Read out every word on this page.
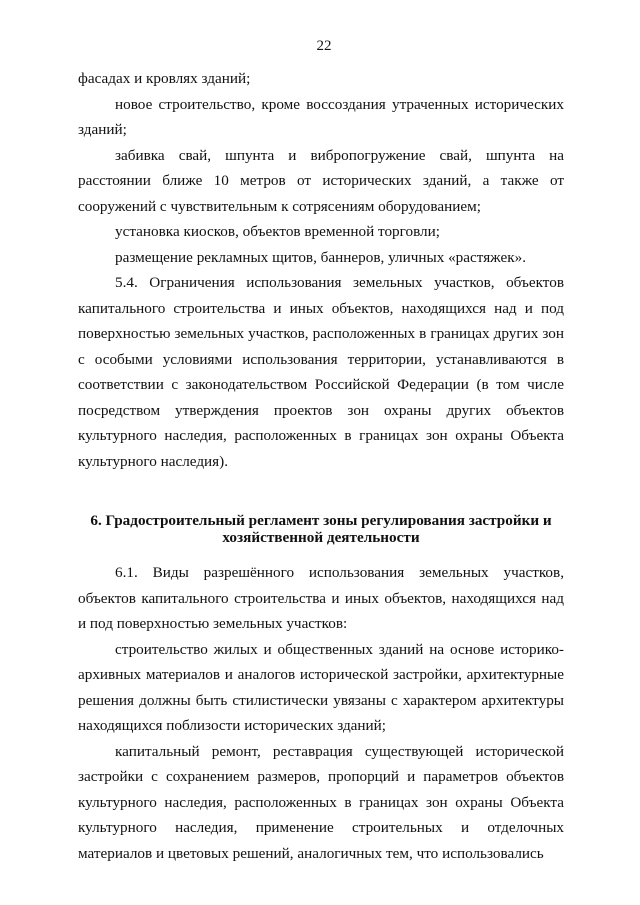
22

фасадах и кровлях зданий;

новое строительство, кроме воссоздания утраченных исторических зданий;

забивка свай, шпунта и вибропогружение свай, шпунта на расстоянии ближе 10 метров от исторических зданий, а также от сооружений с чувствительным к сотрясениям оборудованием;

установка киосков, объектов временной торговли;

размещение рекламных щитов, баннеров, уличных «растяжек».

5.4. Ограничения использования земельных участков, объектов капитального строительства и иных объектов, находящихся над и под поверхностью земельных участков, расположенных в границах других зон с особыми условиями использования территории, устанавливаются в соответствии с законодательством Российской Федерации (в том числе посредством утверждения проектов зон охраны других объектов культурного наследия, расположенных в границах зон охраны Объекта культурного наследия).

6. Градостроительный регламент зоны регулирования застройки и хозяйственной деятельности

6.1. Виды разрешённого использования земельных участков, объектов капитального строительства и иных объектов, находящихся над и под поверхностью земельных участков:

строительство жилых и общественных зданий на основе историко-архивных материалов и аналогов исторической застройки, архитектурные решения должны быть стилистически увязаны с характером архитектуры находящихся поблизости исторических зданий;

капитальный ремонт, реставрация существующей исторической застройки с сохранением размеров, пропорций и параметров объектов культурного наследия, расположенных в границах зон охраны Объекта культурного наследия, применение строительных и отделочных материалов и цветовых решений, аналогичных тем, что использовались
